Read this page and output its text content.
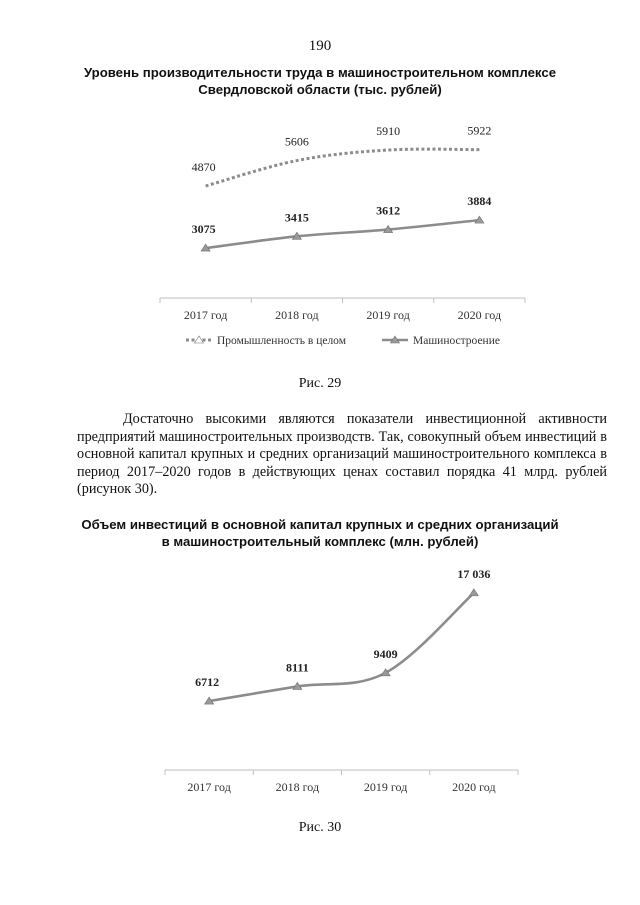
190
Уровень производительности труда в машиностроительном комплексе
Свердловской области (тыс. рублей)
2017 год	2018 год	2019 год	2020 год
4870
5606
5910	5922
3075
3415	3612
3884
Промышленность в целом	Машиностроение
Рис. 29
Достаточно высокими являются показатели инвестиционной активности предприятий машиностроительных производств. Так, совокупный объем инвестиций в основной капитал крупных и средних организаций машиностроительного комплекса в период 2017–2020 годов в действующих ценах составил порядка 41 млрд. рублей (рисунок 30).
Объем инвестиций в основной капитал крупных и средних организаций
в машиностроительный комплекс (млн. рублей)
2017 год	2018 год	2019 год	2020 год
6712
8111
9409
17 036
Рис. 30
